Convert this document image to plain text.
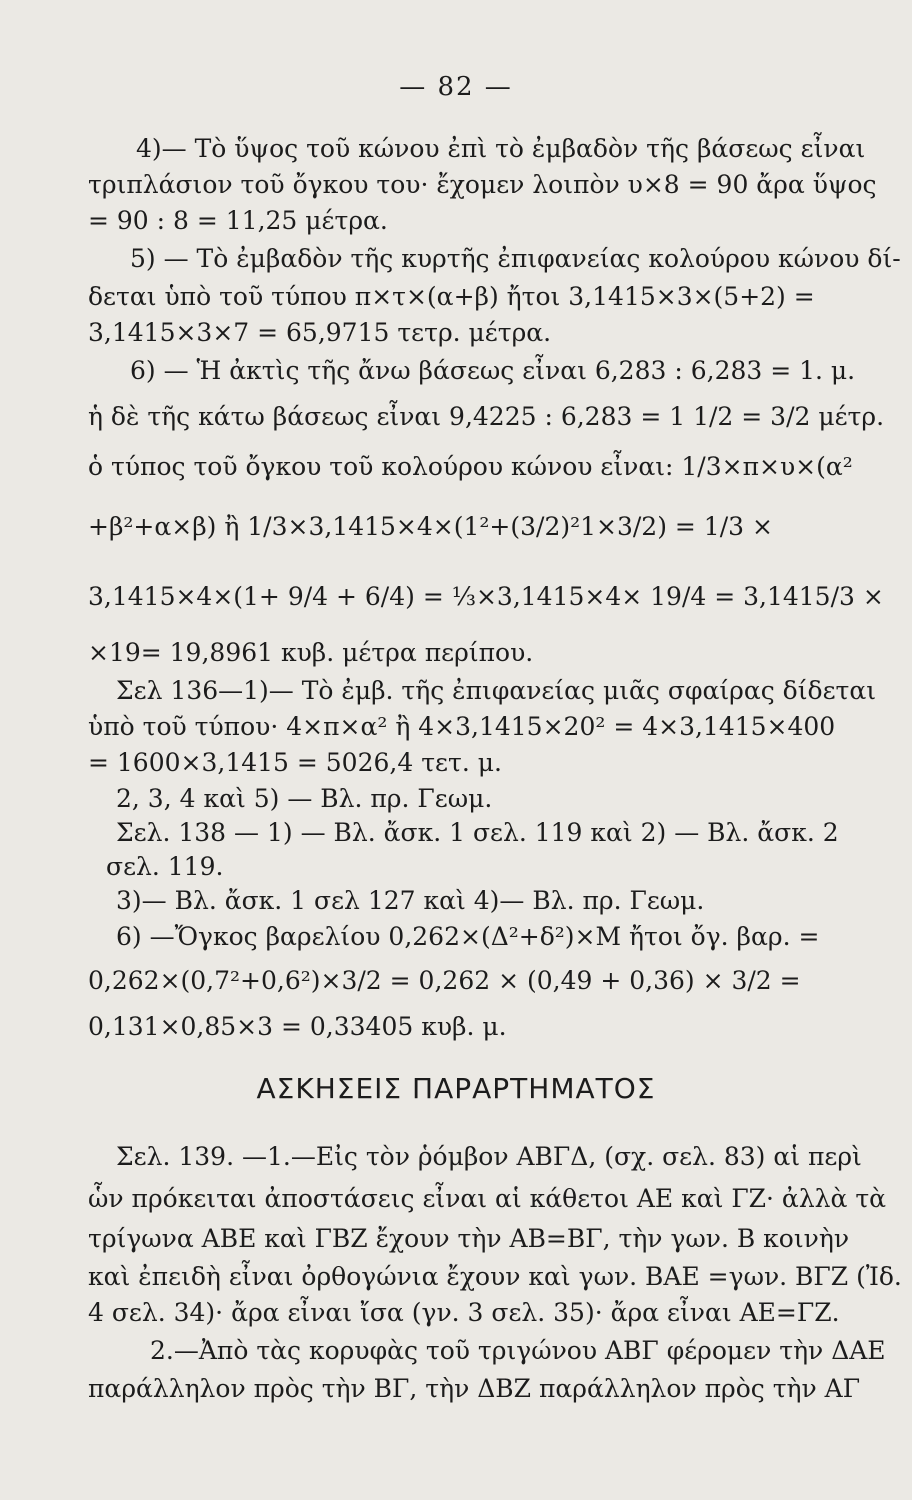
— 82 —
4)— Τὸ ὕψος τοῦ κώνου ἐπὶ τὸ ἐμβαδὸν τῆς βάσεως εἶναι
τριπλάσιον τοῦ ὄγκου του· ἔχομεν λοιπὸν υ×8 = 90 ἄρα ὕψος
= 90 : 8 = 11,25 μέτρα.
5) — Τὸ ἐμβαδὸν τῆς κυρτῆς ἐπιφανείας κολούρου κώνου δί-
δεται ὑπὸ τοῦ τύπου π×τ×(α+β) ἤτοι 3,1415×3×(5+2) =
3,1415×3×7 = 65,9715 τετρ. μέτρα.
6) — Ἡ ἀκτὶς τῆς ἄνω βάσεως εἶναι 6,283 : 6,283 = 1. μ.
ἡ δὲ τῆς κάτω βάσεως εἶναι 9,4225 : 6,283 = 1 1/2 = 3/2 μέτρ.
ὁ τύπος τοῦ ὄγκου τοῦ κολούρου κώνου εἶναι: 1/3×π×υ×(α²
+β²+α×β) ἢ 1/3×3,1415×4×(1²+(3/2)²1×3/2) = 1/3 ×
3,1415×4×(1+ 9/4 + 6/4) = ⅓×3,1415×4× 19/4 = 3,1415/3 ×
×19= 19,8961 κυβ. μέτρα περίπου.
Σελ 136—1)— Τὸ ἐμβ. τῆς ἐπιφανείας μιᾶς σφαίρας δίδεται
ὑπὸ τοῦ τύπου· 4×π×α² ἢ 4×3,1415×20² = 4×3,1415×400
= 1600×3,1415 = 5026,4 τετ. μ.
2, 3, 4 καὶ 5) — Βλ. πρ. Γεωμ.
Σελ. 138 — 1) — Βλ. ἄσκ. 1 σελ. 119 καὶ 2) — Βλ. ἄσκ. 2
σελ. 119.
3)— Βλ. ἄσκ. 1 σελ 127 καὶ 4)— Βλ. πρ. Γεωμ.
6) —Ὄγκος βαρελίου 0,262×(Δ²+δ²)×Μ ἤτοι ὄγ. βαρ. =
0,262×(0,7²+0,6²)×3/2 = 0,262 × (0,49 + 0,36) × 3/2 =
0,131×0,85×3 = 0,33405 κυβ. μ.
ΑΣΚΗΣΕΙΣ ΠΑΡΑΡΤΗΜΑΤΟΣ
Σελ. 139. —1.—Εἰς τὸν ῥόμβον ΑΒΓΔ, (σχ. σελ. 83) αἱ περὶ
ὧν πρόκειται ἀποστάσεις εἶναι αἱ κάθετοι ΑΕ καὶ ΓΖ· ἀλλὰ τὰ
τρίγωνα ΑΒΕ καὶ ΓΒΖ ἔχουν τὴν ΑΒ=ΒΓ, τὴν γων. Β κοινὴν
καὶ ἐπειδὴ εἶναι ὀρθογώνια ἔχουν καὶ γων. ΒΑΕ =γων. ΒΓΖ (Ἰδ.
4 σελ. 34)· ἄρα εἶναι ἴσα (γν. 3 σελ. 35)· ἄρα εἶναι ΑΕ=ΓΖ.
2.—Ἀπὸ τὰς κορυφὰς τοῦ τριγώνου ΑΒΓ φέρομεν τὴν ΔΑΕ
παράλληλον πρὸς τὴν ΒΓ, τὴν ΔΒΖ παράλληλον πρὸς τὴν ΑΓ
